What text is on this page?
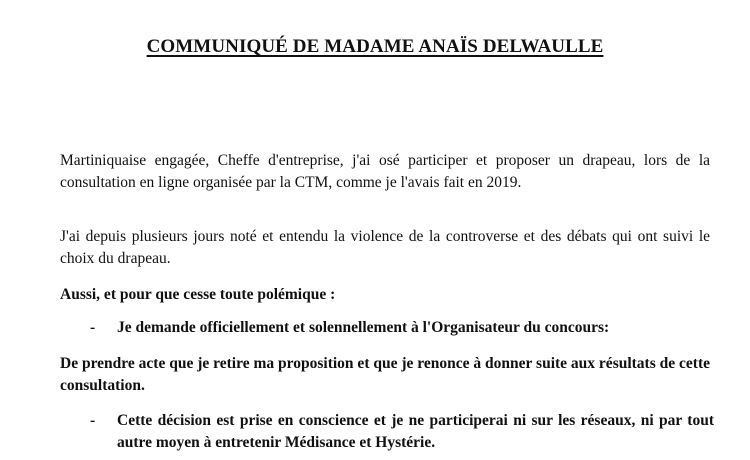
COMMUNIQUÉ DE MADAME ANAÏS DELWAULLE
Martiniquaise engagée, Cheffe d'entreprise, j'ai osé participer et proposer un drapeau, lors de la consultation en ligne organisée par la CTM, comme je l'avais fait en 2019.
J'ai depuis plusieurs jours noté et entendu la violence de la controverse et des débats qui ont suivi le choix du drapeau.
Aussi, et pour que cesse toute polémique :
- Je demande officiellement et solennellement à l'Organisateur du concours:
De prendre acte que je retire ma proposition et que je renonce à donner suite aux résultats de cette consultation.
- Cette décision est prise en conscience et je ne participerai ni sur les réseaux, ni par tout autre moyen à entretenir Médisance et Hystérie.
